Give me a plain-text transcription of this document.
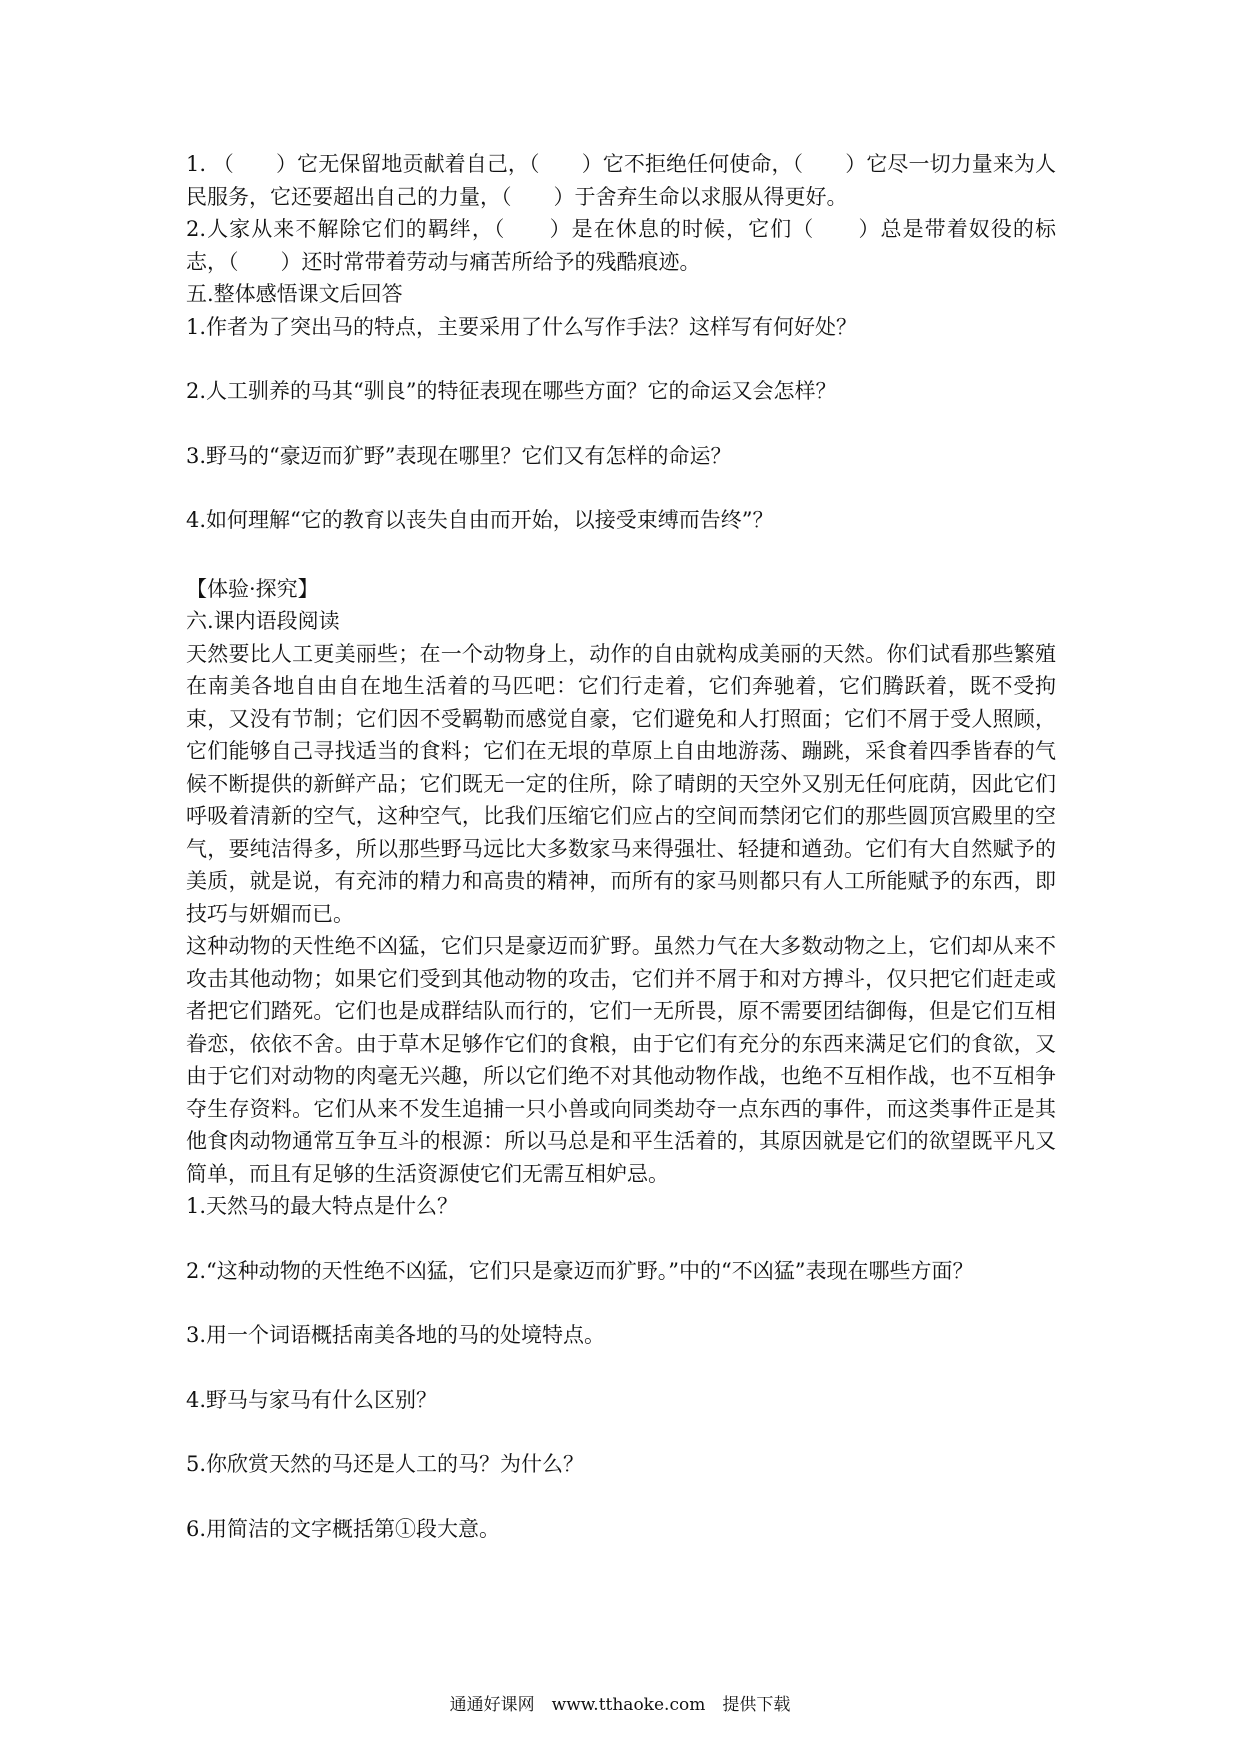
1. （　　）它无保留地贡献着自己，（　　）它不拒绝任何使命，（　　）它尽一切力量来为人民服务，它还要超出自己的力量，（　　）于舍弃生命以求服从得更好。

2.人家从来不解除它们的羁绊，（　　）是在休息的时候，它们（　　）总是带着奴役的标志，（　　）还时常带着劳动与痛苦所给予的残酷痕迹。

五.整体感悟课文后回答

1.作者为了突出马的特点，主要采用了什么写作手法？这样写有何好处？

2.人工驯养的马其“驯良”的特征表现在哪些方面？它的命运又会怎样？

3.野马的“豪迈而犷野”表现在哪里？它们又有怎样的命运？

4.如何理解“它的教育以丧失自由而开始，以接受束缚而告终”？

【体验·探究】

六.课内语段阅读

天然要比人工更美丽些；在一个动物身上，动作的自由就构成美丽的天然。你们试看那些繁殖在南美各地自由自在地生活着的马匹吧：它们行走着，它们奔驰着，它们腾跃着，既不受拘束，又没有节制；它们因不受羁勒而感觉自豪，它们避免和人打照面；它们不屑于受人照顾，它们能够自己寻找适当的食料；它们在无垠的草原上自由地游荡、蹦跳，采食着四季皆春的气候不断提供的新鲜产品；它们既无一定的住所，除了晴朗的天空外又别无任何庇荫，因此它们呼吸着清新的空气，这种空气，比我们压缩它们应占的空间而禁闭它们的那些圆顶宫殿里的空气，要纯洁得多，所以那些野马远比大多数家马来得强壮、轻捷和遒劲。它们有大自然赋予的美质，就是说，有充沛的精力和高贵的精神，而所有的家马则都只有人工所能赋予的东西，即技巧与妍媚而已。

这种动物的天性绝不凶猛，它们只是豪迈而犷野。虽然力气在大多数动物之上，它们却从来不攻击其他动物；如果它们受到其他动物的攻击，它们并不屑于和对方搏斗，仅只把它们赶走或者把它们踏死。它们也是成群结队而行的，它们一无所畏，原不需要团结御侮，但是它们互相眷恋，依依不舍。由于草木足够作它们的食粮，由于它们有充分的东西来满足它们的食欲，又由于它们对动物的肉毫无兴趣，所以它们绝不对其他动物作战，也绝不互相作战，也不互相争夺生存资料。它们从来不发生追捕一只小兽或向同类劫夺一点东西的事件，而这类事件正是其他食肉动物通常互争互斗的根源：所以马总是和平生活着的，其原因就是它们的欲望既平凡又简单，而且有足够的生活资源使它们无需互相妒忌。

1.天然马的最大特点是什么？

2.“这种动物的天性绝不凶猛，它们只是豪迈而犷野。”中的“不凶猛”表现在哪些方面？

3.用一个词语概括南美各地的马的处境特点。

4.野马与家马有什么区别？

5.你欣赏天然的马还是人工的马？为什么？

6.用简洁的文字概括第①段大意。

通通好课网　www.tthaoke.com　提供下载
